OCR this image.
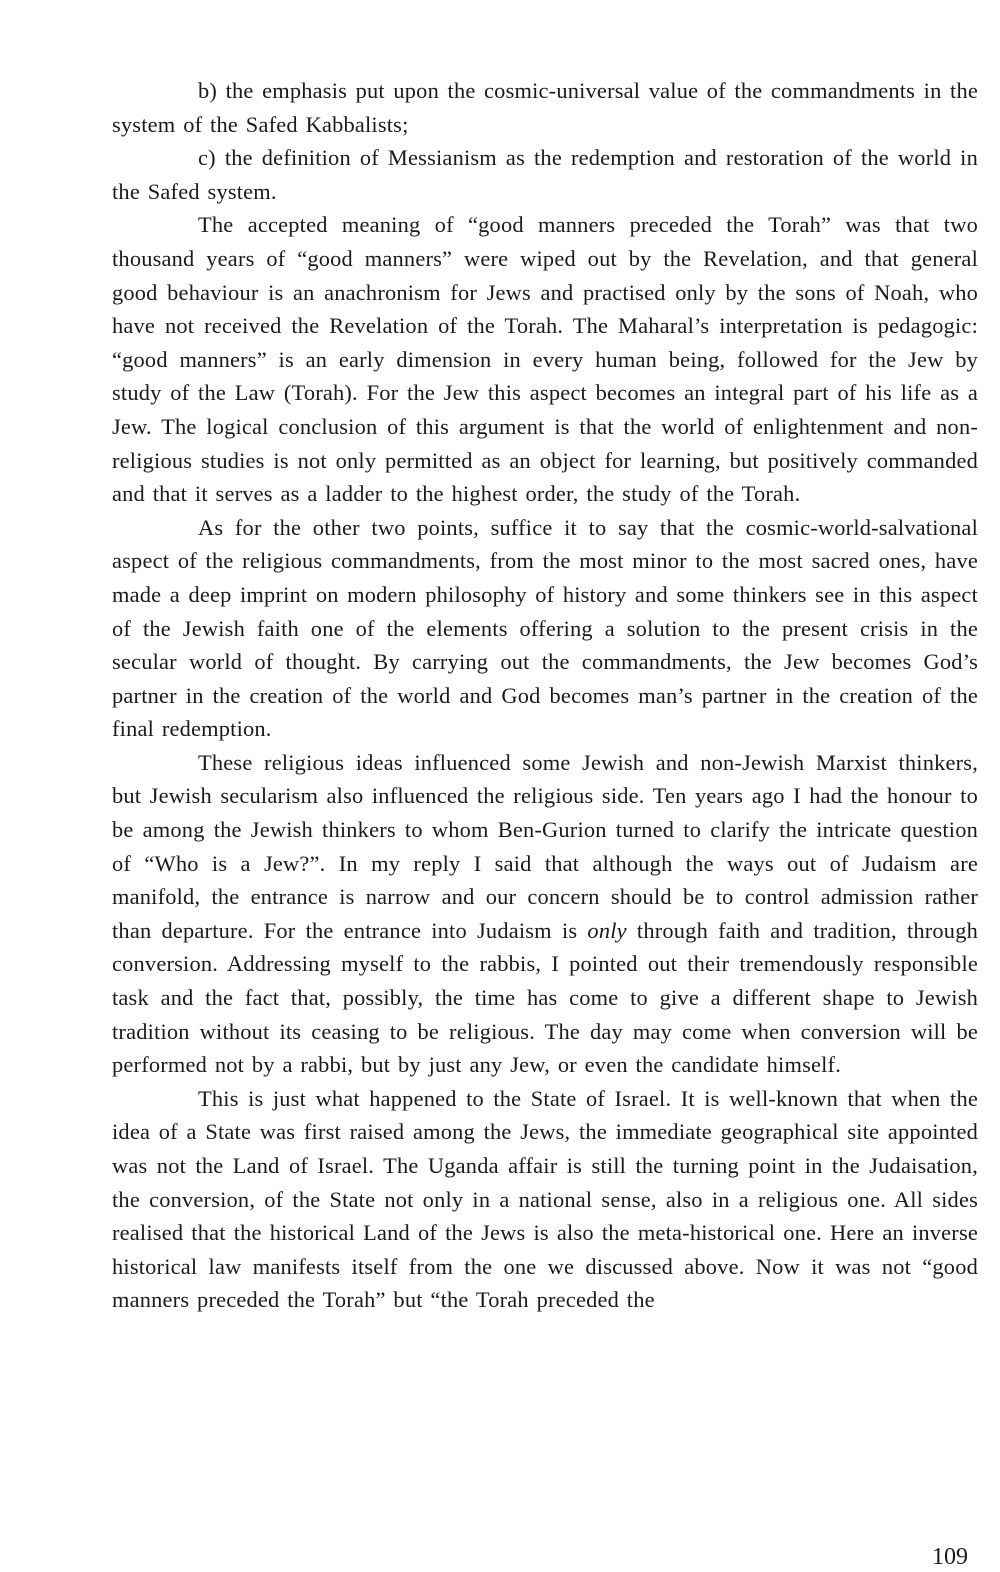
b) the emphasis put upon the cosmic-universal value of the commandments in the system of the Safed Kabbalists;

c) the definition of Messianism as the redemption and restoration of the world in the Safed system.

The accepted meaning of “good manners preceded the Torah” was that two thousand years of “good manners” were wiped out by the Revelation, and that general good behaviour is an anachronism for Jews and practised only by the sons of Noah, who have not received the Revelation of the Torah. The Maharal’s interpretation is pedagogic: “good manners” is an early dimension in every human being, followed for the Jew by study of the Law (Torah). For the Jew this aspect becomes an integral part of his life as a Jew. The logical conclusion of this argument is that the world of enlightenment and non-religious studies is not only permitted as an object for learning, but positively commanded and that it serves as a ladder to the highest order, the study of the Torah.

As for the other two points, suffice it to say that the cosmic-world-salvational aspect of the religious commandments, from the most minor to the most sacred ones, have made a deep imprint on modern philosophy of history and some thinkers see in this aspect of the Jewish faith one of the elements offering a solution to the present crisis in the secular world of thought. By carrying out the commandments, the Jew becomes God’s partner in the creation of the world and God becomes man’s partner in the creation of the final redemption.

These religious ideas influenced some Jewish and non-Jewish Marxist thinkers, but Jewish secularism also influenced the religious side. Ten years ago I had the honour to be among the Jewish thinkers to whom Ben-Gurion turned to clarify the intricate question of “Who is a Jew?”. In my reply I said that although the ways out of Judaism are manifold, the entrance is narrow and our concern should be to control admission rather than departure. For the entrance into Judaism is only through faith and tradition, through conversion. Addressing myself to the rabbis, I pointed out their tremendously responsible task and the fact that, possibly, the time has come to give a different shape to Jewish tradition without its ceasing to be religious. The day may come when conversion will be performed not by a rabbi, but by just any Jew, or even the candidate himself.

This is just what happened to the State of Israel. It is well-known that when the idea of a State was first raised among the Jews, the immediate geographical site appointed was not the Land of Israel. The Uganda affair is still the turning point in the Judaisation, the conversion, of the State not only in a national sense, also in a religious one. All sides realised that the historical Land of the Jews is also the meta-historical one. Here an inverse historical law manifests itself from the one we discussed above. Now it was not “good manners preceded the Torah” but “the Torah preceded the

109
